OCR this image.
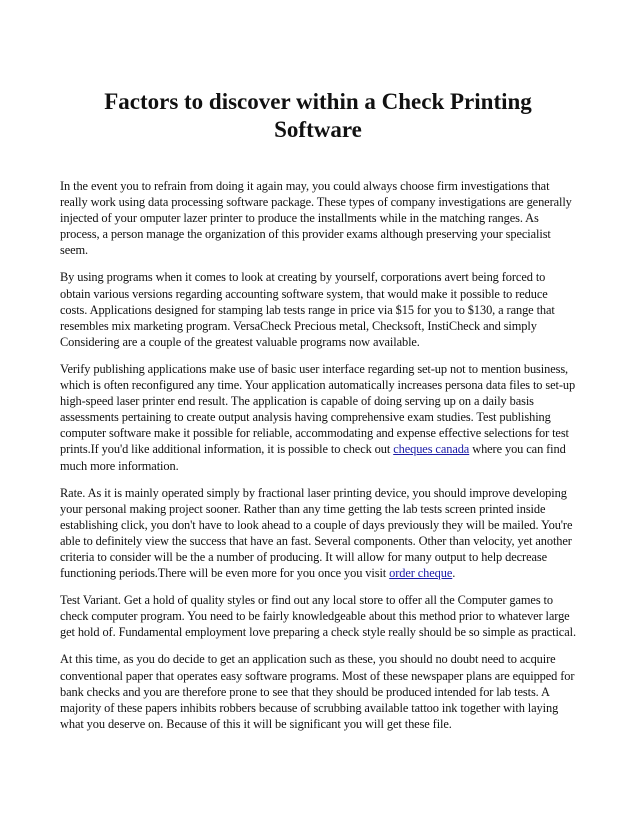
Factors to discover within a Check Printing Software

In the event you to refrain from doing it again may, you could always choose firm investigations that really work using data processing software package. These types of company investigations are generally injected of your omputer lazer printer to produce the installments while in the matching ranges. As process, a person manage the organization of this provider exams although preserving your specialist seem.

By using programs when it comes to look at creating by yourself, corporations avert being forced to obtain various versions regarding accounting software system, that would make it possible to reduce costs. Applications designed for stamping lab tests range in price via $15 for you to $130, a range that resembles mix marketing program. VersaCheck Precious metal, Checksoft, InstiCheck and simply Considering are a couple of the greatest valuable programs now available.

Verify publishing applications make use of basic user interface regarding set-up not to mention business, which is often reconfigured any time. Your application automatically increases persona data files to set-up high-speed laser printer end result. The application is capable of doing serving up on a daily basis assessments pertaining to create output analysis having comprehensive exam studies. Test publishing computer software make it possible for reliable, accommodating and expense effective selections for test prints.If you'd like additional information, it is possible to check out cheques canada where you can find much more information.

Rate. As it is mainly operated simply by fractional laser printing device, you should improve developing your personal making project sooner. Rather than any time getting the lab tests screen printed inside establishing click, you don't have to look ahead to a couple of days previously they will be mailed. You're able to definitely view the success that have an fast. Several components. Other than velocity, yet another criteria to consider will be the a number of producing. It will allow for many output to help decrease functioning periods.There will be even more for you once you visit order cheque.

Test Variant. Get a hold of quality styles or find out any local store to offer all the Computer games to check computer program. You need to be fairly knowledgeable about this method prior to whatever large get hold of. Fundamental employment love preparing a check style really should be so simple as practical.

At this time, as you do decide to get an application such as these, you should no doubt need to acquire conventional paper that operates easy software programs. Most of these newspaper plans are equipped for bank checks and you are therefore prone to see that they should be produced intended for lab tests. A majority of these papers inhibits robbers because of scrubbing available tattoo ink together with laying what you deserve on. Because of this it will be significant you will get these file.
